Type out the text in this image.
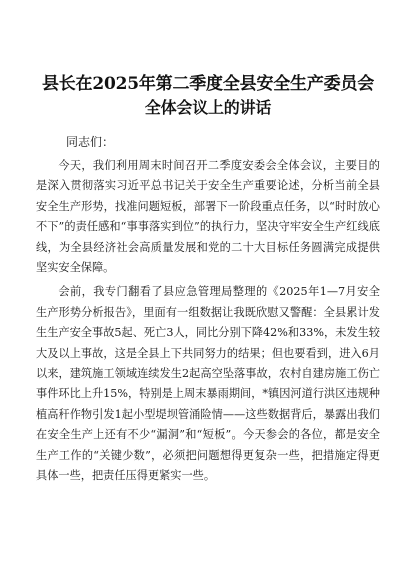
县长在2025年第二季度全县安全生产委员会
全体会议上的讲话

同志们：

今天，我们利用周末时间召开二季度安委会全体会议，主要目的是深入贯彻落实习近平总书记关于安全生产重要论述，分析当前全县安全生产形势，找准问题短板，部署下一阶段重点任务，以“时时放心不下”的责任感和“事事落实到位”的执行力，坚决守牢安全生产红线底线，为全县经济社会高质量发展和党的二十大目标任务圆满完成提供坚实安全保障。

会前，我专门翻看了县应急管理局整理的《2025年1—7月安全生产形势分析报告》，里面有一组数据让我既欣慰又警醒：全县累计发生生产安全事故5起、死亡3人，同比分别下降42%和33%，未发生较大及以上事故，这是全县上下共同努力的结果；但也要看到，进入6月以来，建筑施工领域连续发生2起高空坠落事故，农村自建房施工伤亡事件环比上升15%，特别是上周末暴雨期间，*镇因河道行洪区违规种植高秆作物引发1起小型堤坝管涌险情——这些数据背后，暴露出我们在安全生产上还有不少“漏洞”和“短板”。今天参会的各位，都是安全生产工作的“关键少数”，必须把问题想得更复杂一些，把措施定得更具体一些，把责任压得更紧实一些。
